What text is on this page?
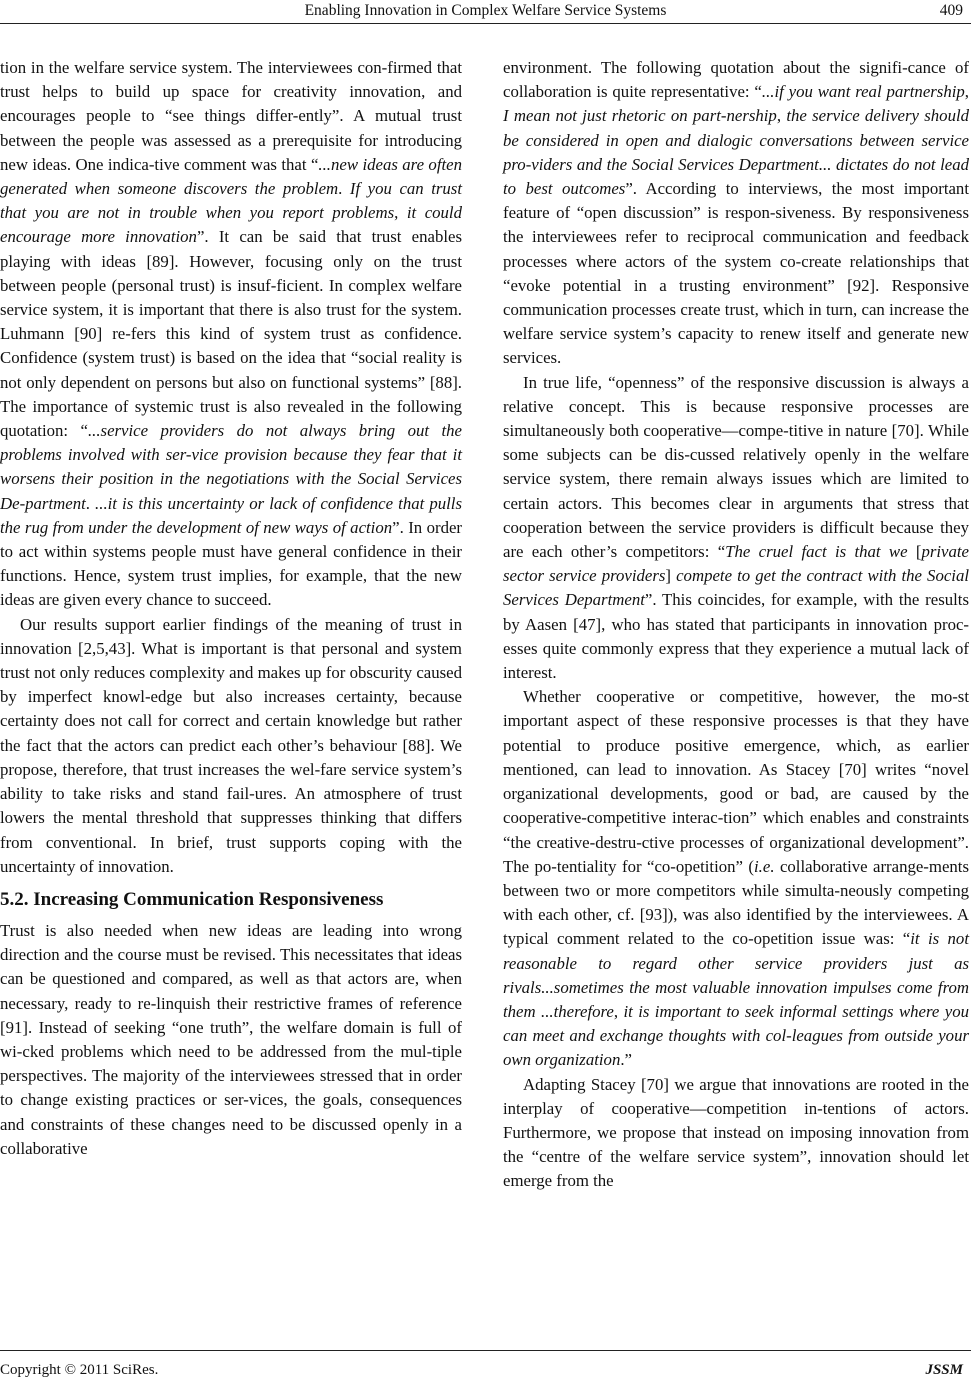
Enabling Innovation in Complex Welfare Service Systems	409

tion in the welfare service system. The interviewees con-firmed that trust helps to build up space for creativity innovation, and encourages people to “see things differ-ently”. A mutual trust between the people was assessed as a prerequisite for introducing new ideas. One indica-tive comment was that “...new ideas are often generated when someone discovers the problem. If you can trust that you are not in trouble when you report problems, it could encourage more innovation”. It can be said that trust enables playing with ideas [89]. However, focusing only on the trust between people (personal trust) is insuf-ficient. In complex welfare service system, it is important that there is also trust for the system. Luhmann [90] re-fers this kind of system trust as confidence. Confidence (system trust) is based on the idea that “social reality is not only dependent on persons but also on functional systems” [88]. The importance of systemic trust is also revealed in the following quotation: “...service providers do not always bring out the problems involved with ser-vice provision because they fear that it worsens their position in the negotiations with the Social Services De-partment. ...it is this uncertainty or lack of confidence that pulls the rug from under the development of new ways of action”. In order to act within systems people must have general confidence in their functions. Hence, system trust implies, for example, that the new ideas are given every chance to succeed.

Our results support earlier findings of the meaning of trust in innovation [2,5,43]. What is important is that personal and system trust not only reduces complexity and makes up for obscurity caused by imperfect knowl-edge but also increases certainty, because certainty does not call for correct and certain knowledge but rather the fact that the actors can predict each other’s behaviour [88]. We propose, therefore, that trust increases the wel-fare service system’s ability to take risks and stand fail-ures. An atmosphere of trust lowers the mental threshold that suppresses thinking that differs from conventional. In brief, trust supports coping with the uncertainty of innovation.

5.2. Increasing Communication Responsiveness

Trust is also needed when new ideas are leading into wrong direction and the course must be revised. This necessitates that ideas can be questioned and compared, as well as that actors are, when necessary, ready to re-linquish their restrictive frames of reference [91]. Instead of seeking “one truth”, the welfare domain is full of wi-cked problems which need to be addressed from the mul-tiple perspectives. The majority of the interviewees stressed that in order to change existing practices or ser-vices, the goals, consequences and constraints of these changes need to be discussed openly in a collaborative

environment. The following quotation about the signifi-cance of collaboration is quite representative: “...if you want real partnership, I mean not just rhetoric on part-nership, the service delivery should be considered in open and dialogic conversations between service pro-viders and the Social Services Department... dictates do not lead to best outcomes”. According to interviews, the most important feature of “open discussion” is respon-siveness. By responsiveness the interviewees refer to reciprocal communication and feedback processes where actors of the system co-create relationships that “evoke potential in a trusting environment” [92]. Responsive communication processes create trust, which in turn, can increase the welfare service system’s capacity to renew itself and generate new services.

In true life, “openness” of the responsive discussion is always a relative concept. This is because responsive processes are simultaneously both cooperative—compe-titive in nature [70]. While some subjects can be dis-cussed relatively openly in the welfare service system, there remain always issues which are limited to certain actors. This becomes clear in arguments that stress that cooperation between the service providers is difficult because they are each other’s competitors: “The cruel fact is that we [private sector service providers] compete to get the contract with the Social Services Department”. This coincides, for example, with the results by Aasen [47], who has stated that participants in innovation proc-esses quite commonly express that they experience a mutual lack of interest.

Whether cooperative or competitive, however, the mo-st important aspect of these responsive processes is that they have potential to produce positive emergence, which, as earlier mentioned, can lead to innovation. As Stacey [70] writes “novel organizational developments, good or bad, are caused by the cooperative-competitive interac-tion” which enables and constraints “the creative-destru-ctive processes of organizational development”. The po-tentiality for “co-opetition” (i.e. collaborative arrange-ments between two or more competitors while simulta-neously competing with each other, cf. [93]), was also identified by the interviewees. A typical comment related to the co-opetition issue was: “it is not reasonable to regard other service providers just as rivals...sometimes the most valuable innovation impulses come from them ...therefore, it is important to seek informal settings where you can meet and exchange thoughts with col-leagues from outside your own organization.”

Adapting Stacey [70] we argue that innovations are rooted in the interplay of cooperative—competition in-tentions of actors. Furthermore, we propose that instead on imposing innovation from the “centre of the welfare service system”, innovation should let emerge from the

Copyright © 2011 SciRes.	JSSM
